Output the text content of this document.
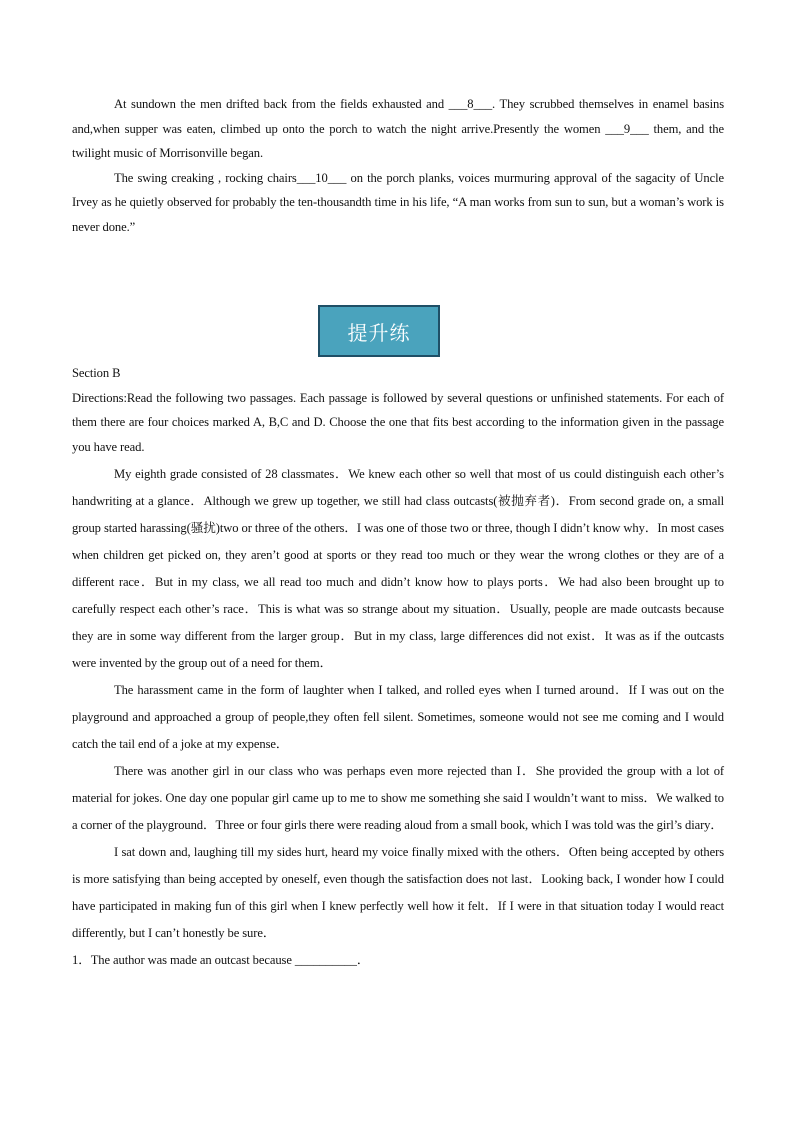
At sundown the men drifted back from the fields exhausted and ___8___. They scrubbed themselves in enamel basins and,when supper was eaten, climbed up onto the porch to watch the night arrive.Presently the women ___9___ them, and the twilight music of Morrisonville began.

The swing creaking , rocking chairs___10___ on the porch planks, voices murmuring approval of the sagacity of Uncle Irvey as he quietly observed for probably the ten-thousandth time in his life, “A man works from sun to sun, but a woman’s work is never done.”

提升练

Section B

Directions:Read the following two passages. Each passage is followed by several questions or unfinished statements. For each of them there are four choices marked A, B,C and D. Choose the one that fits best according to the information given in the passage you have read.

My eighth grade consisted of 28 classmates．We knew each other so well that most of us could distinguish each other’s handwriting at a glance．Although we grew up together, we still had class outcasts(被抛弃者)．From second grade on, a small group started harassing(骚扰)two or three of the others．I was one of those two or three, though I didn’t know why．In most cases when children get picked on, they aren’t good at sports or they read too much or they wear the wrong clothes or they are of a different race．But in my class, we all read too much and didn’t know how to plays ports．We had also been brought up to carefully respect each other’s race．This is what was so strange about my situation．Usually, people are made outcasts because they are in some way different from the larger group．But in my class, large differences did not exist．It was as if the outcasts were invented by the group out of a need for them．

The harassment came in the form of laughter when I talked, and rolled eyes when I turned around．If I was out on the playground and approached a group of people,they often fell silent. Sometimes, someone would not see me coming and I would catch the tail end of a joke at my expense．

There was another girl in our class who was perhaps even more rejected than I．She provided the group with a lot of material for jokes. One day one popular girl came up to me to show me something she said I wouldn’t want to miss．We walked to a corner of the playground．Three or four girls there were reading aloud from a small book, which I was told was the girl’s diary．

I sat down and, laughing till my sides hurt, heard my voice finally mixed with the others．Often being accepted by others is more satisfying than being accepted by oneself, even though the satisfaction does not last．Looking back, I wonder how I could have participated in making fun of this girl when I knew perfectly well how it felt．If I were in that situation today I would react differently, but I can’t honestly be sure．

1．The author was made an outcast because __________．
